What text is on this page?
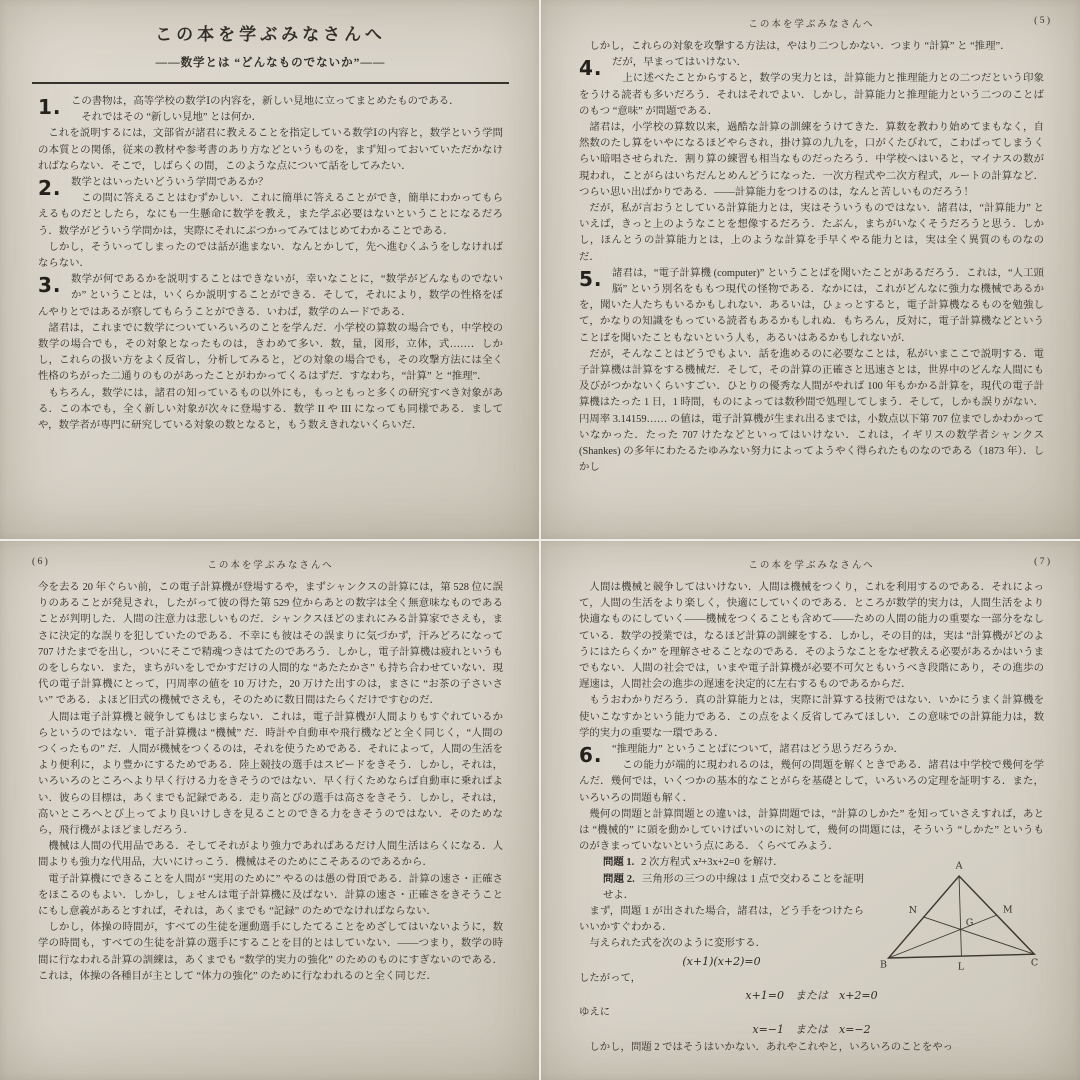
この本を学ぶみなさんへ
——数学とは “どんなものでないか”——
1. この書物は，高等学校の数学Ⅰの内容を，新しい見地に立ってまとめたものである．

それではその “新しい見地” とは何か．

これを説明するには，文部省が諸君に教えることを指定している数学Ⅰの内容と，数学という学問の本質との関係，従来の教材や参考書のあり方などというものを，まず知っておいていただかなければならない．そこで，しばらくの間，このような点について話をしてみたい．

2. 数学とはいったいどういう学問であるか？

この問に答えることはむずかしい．これに簡単に答えることができ，簡単にわかってもらえるものだとしたら，なにも一生懸命に数学を教え，また学ぶ必要はないということになるだろう．数学がどういう学問かは，実際にそれにぶつかってみてはじめてわかることである．

しかし，そういってしまったのでは話が進まない．なんとかして，先へ進むくふうをしなければならない．

3. 数学が何であるかを説明することはできないが，幸いなことに，“数学がどんなものでないか” ということは，いくらか説明することができる．そして，それにより，数学の性格をぼんやりとではあるが察してもらうことができる．いわば，数学のムードである．

諸君は，これまでに数学についていろいろのことを学んだ．小学校の算数の場合でも，中学校の数学の場合でも，その対象となったものは，きわめて多い．数，量，図形，立体，式……．しかし，これらの扱い方をよく反省し，分析してみると，どの対象の場合でも，その攻撃方法には全く性格のちがった二通りのものがあったことがわかってくるはずだ．すなわち，“計算” と “推理”．

もちろん，数学には，諸君の知っているもの以外にも，もっともっと多くの研究すべき対象がある．この本でも，全く新しい対象が次々に登場する．数学 II や III になっても同様である．ましてや，数学者が専門に研究している対象の数となると，もう数えきれないくらいだ．

この本を学ぶみなさんへ	( 5 )

しかし，これらの対象を攻撃する方法は，やはり二つしかない．つまり “計算” と “推理”．

4. だが，早まってはいけない．

上に述べたことからすると，数学の実力とは，計算能力と推理能力との二つだという印象をうける読者も多いだろう．それはそれでよい．しかし，計算能力と推理能力という二つのことばのもつ “意味” が問題である．

諸君は，小学校の算数以来，過酷な計算の訓練をうけてきた．算数を教わり始めてまもなく，自然数のたし算をいやになるほどやらされ，掛け算の九九を，口がくたびれて，こわばってしまうくらい暗唱させられた．割り算の練習も相当なものだったろう．中学校へはいると，マイナスの数が現われ，ことがらはいちだんとめんどうになった．一次方程式や二次方程式，ルートの計算など．つらい思い出ばかりである．——計算能力をつけるのは，なんと苦しいものだろう！

だが，私が言おうとしている計算能力とは，実はそういうものではない．諸君は，“計算能力” といえば，きっと上のようなことを想像するだろう．たぶん，まちがいなくそうだろうと思う．しかし，ほんとうの計算能力とは，上のような計算を手早くやる能力とは，実は全く異質のものなのだ．

5. 諸君は，“電子計算機 (computer)” ということばを聞いたことがあるだろう．これは，“人工頭脳” という別名をももつ現代の怪物である．なかには，これがどんなに強力な機械であるかを，聞いた人たちもいるかもしれない．あるいは，ひょっとすると，電子計算機なるものを勉強して，かなりの知識をもっている読者もあるかもしれぬ．もちろん，反対に，電子計算機などということばを聞いたこともないという人も，あるいはあるかもしれないが．

だが，そんなことはどうでもよい．話を進めるのに必要なことは，私がいまここで説明する．電子計算機は計算をする機械だ．そして，その計算の正確さと迅速さとは，世界中のどんな人間にも及びがつかないくらいすごい．ひとりの優秀な人間がやれば 100 年もかかる計算を，現代の電子計算機はたった 1 日，1 時間，ものによっては数秒間で処理してしまう．そして，しかも誤りがない．円周率 3.14159…… の値は，電子計算機が生まれ出るまでは，小数点以下第 707 位までしかわかっていなかった．たった 707 けたなどといってはいけない．これは，イギリスの数学者シャンクス (Shankes) の多年にわたるたゆみない努力によってようやく得られたものなのである（1873 年）．しかし

この本を学ぶみなさんへ
( 6 )

今を去る 20 年ぐらい前，この電子計算機が登場するや，まずシャンクスの計算には，第 528 位に誤りのあることが発見され，したがって彼の得た第 529 位からあとの数字は全く無意味なものであることが判明した．人間の注意力は悲しいものだ．シャンクスほどのまれにみる計算家でさえも，まさに決定的な誤りを犯していたのである．不幸にも彼はその誤まりに気づかず，汗みどろになって 707 けたまでを出し，ついにそこで精魂つきはてたのであろう．しかし，電子計算機は疲れというものをしらない．また，まちがいをしでかすだけの人間的な “あたたかさ” も持ち合わせていない．現代の電子計算機にとって，円周率の値を 10 万けた，20 万けた出すのは，まさに “お茶の子さいさい” である．よほど旧式の機械でさえも，そのために数日間はたらくだけですむのだ．

人間は電子計算機と競争してもはじまらない．これは，電子計算機が人間よりもすぐれているからというのではない．電子計算機は “機械” だ．時計や自動車や飛行機などと全く同じく，“人間のつくったもの” だ．人間が機械をつくるのは，それを使うためである．それによって，人間の生活をより便利に，より豊かにするためである．陸上競技の選手はスピードをきそう．しかし，それは，いろいろのところへより早く行ける力をきそうのではない．早く行くためならば自動車に乗ればよい．彼らの目標は，あくまでも記録である．走り高とびの選手は高さをきそう．しかし，それは，高いところへとび上ってより良いけしきを見ることのできる力をきそうのではない．そのためなら，飛行機がよほどましだろう．

機械は人間の代用品である．そしてそれがより強力であればあるだけ人間生活はらくになる．人間よりも強力な代用品，大いにけっこう．機械はそのためにこそあるのであるから．

電子計算機にできることを人間が “実用のために” やるのは愚の骨頂である．計算の速さ・正確さをほこるのもよい．しかし，しょせんは電子計算機に及ばない．計算の速さ・正確さをきそうことにもし意義があるとすれば，それは，あくまでも “記録” のためでなければならない．

しかし，体操の時間が，すべての生徒を運動選手にしたてることをめざしてはいないように，数学の時間も，すべての生徒を計算の選手にすることを目的とはしていない．——つまり，数学の時間に行なわれる計算の訓練は，あくまでも “数学的実力の強化” のためのものにすぎないのである．これは，体操の各種目が主として “体力の強化” のために行なわれるのと全く同じだ．

この本を学ぶみなさんへ	( 7 )

人間は機械と競争してはいけない．人間は機械をつくり，これを利用するのである．それによって，人間の生活をより楽しく，快適にしていくのである．ところが数学的実力は，人間生活をより快適なものにしていく——機械をつくることも含めて——ための人間の能力の重要な一部分をなしている．数学の授業では，なるほど計算の訓練をする．しかし，その目的は，実は “計算機がどのようにはたらくか” を理解させることなのである．そのようなことをなぜ教える必要があるかはいうまでもない．人間の社会では，いまや電子計算機が必要不可欠ともいうべき段階にあり，その進歩の遅速は，人間社会の進歩の遅速を決定的に左右するものであるからだ．

もうおわかりだろう．真の計算能力とは，実際に計算する技術ではない．いかにうまく計算機を使いこなすかという能力である．この点をよく反省してみてほしい．この意味での計算能力は，数学的実力の重要な一環である．

6. “推理能力” ということばについて，諸君はどう思うだろうか．

この能力が端的に現われるのは，幾何の問題を解くときである．諸君は中学校で幾何を学んだ．幾何では，いくつかの基本的なことがらを基礎として，いろいろの定理を証明する．また，いろいろの問題も解く．

幾何の問題と計算問題との違いは，計算問題では，“計算のしかた” を知っていさえすれば，あとは “機械的” に頭を動かしていけばいいのに対して，幾何の問題には，そういう “しかた” というものがきまっていないという点にある．くらべてみよう．

A
N	M
G
B	L	C

問題 1. 2 次方程式 x²+3x+2=0 を解け．

問題 2. 三角形の三つの中線は 1 点で交わることを証明せよ．

まず，問題 1 が出された場合，諸君は，どう手をつけたらいいかすぐわかる．

与えられた式を次のように変形する．

(x+1)(x+2)=0

したがって，

x+1=0　または　x+2=0

ゆえに

x=−1　または　x=−2

しかし，問題 2 ではそうはいかない．あれやこれやと，いろいろのことをやっ
